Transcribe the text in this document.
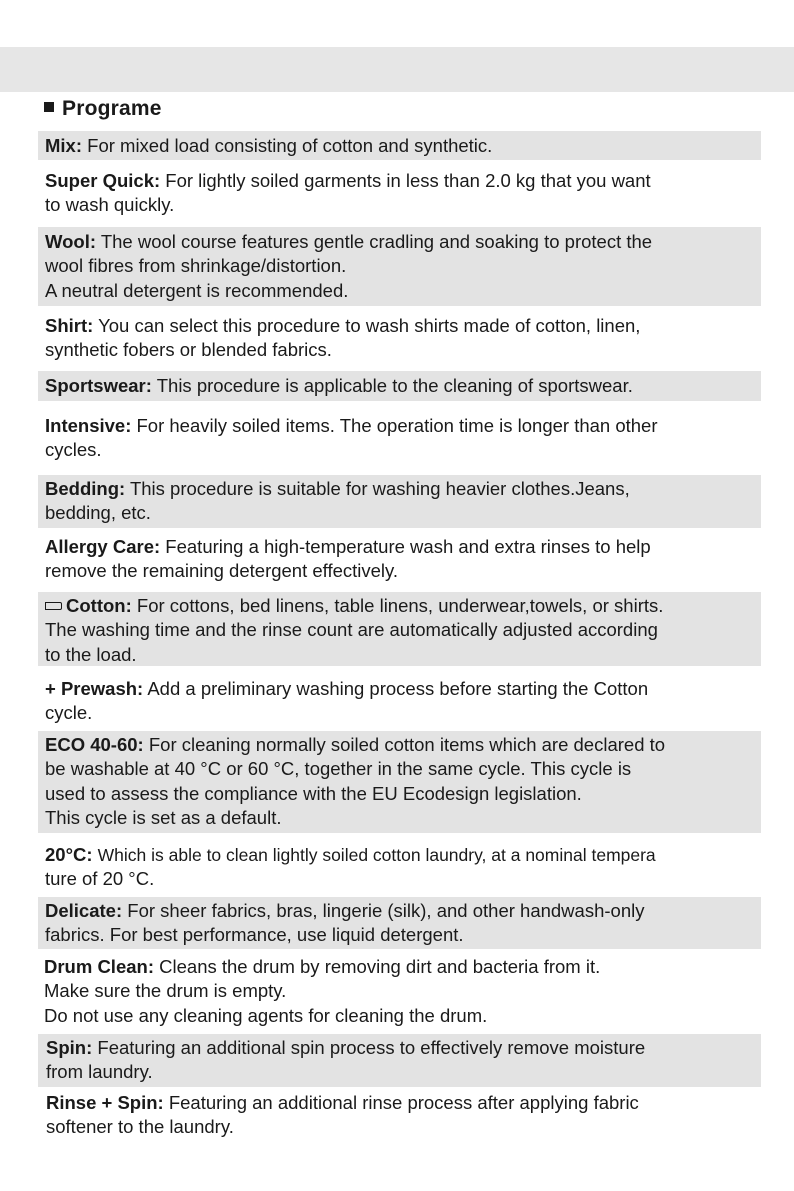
Programe
Mix: For mixed load consisting of cotton and synthetic.
Super Quick: For lightly soiled garments in less than 2.0 kg that you want
to wash quickly.
Wool: The wool course features gentle cradling and soaking to protect the
wool fibres from shrinkage/distortion.
A neutral detergent is recommended.
Shirt: You can select this procedure to wash shirts made of cotton, linen,
synthetic fobers or blended fabrics.
Sportswear: This procedure is applicable to the cleaning of sportswear.
Intensive: For heavily soiled items. The operation time is longer than other
cycles.
Bedding: This procedure is suitable for washing heavier clothes.Jeans,
bedding, etc.
Allergy Care: Featuring a high-temperature wash and extra rinses to help
remove the remaining detergent effectively.
Cotton: For cottons, bed linens, table linens, underwear,towels, or shirts.
The washing time and the rinse count are automatically adjusted according
to the load.
+ Prewash: Add a preliminary washing process before starting the Cotton
cycle.
ECO 40-60: For cleaning normally soiled cotton items which are declared to
be washable at 40 °C or 60 °C, together in the same cycle. This cycle is
used to assess the compliance with the EU Ecodesign legislation.
This cycle is set as a default.
20°C: Which is able to clean lightly soiled cotton laundry, at a nominal tempera
ture of 20 °C.
Delicate: For sheer fabrics, bras, lingerie (silk), and other handwash-only
fabrics. For best performance, use liquid detergent.
Drum Clean: Cleans the drum by removing dirt and bacteria from it.
Make sure the drum is empty.
Do not use any cleaning agents for cleaning the drum.
Spin: Featuring an additional spin process to effectively remove moisture
from laundry.
Rinse + Spin: Featuring an additional rinse process after applying fabric
softener to the laundry.
